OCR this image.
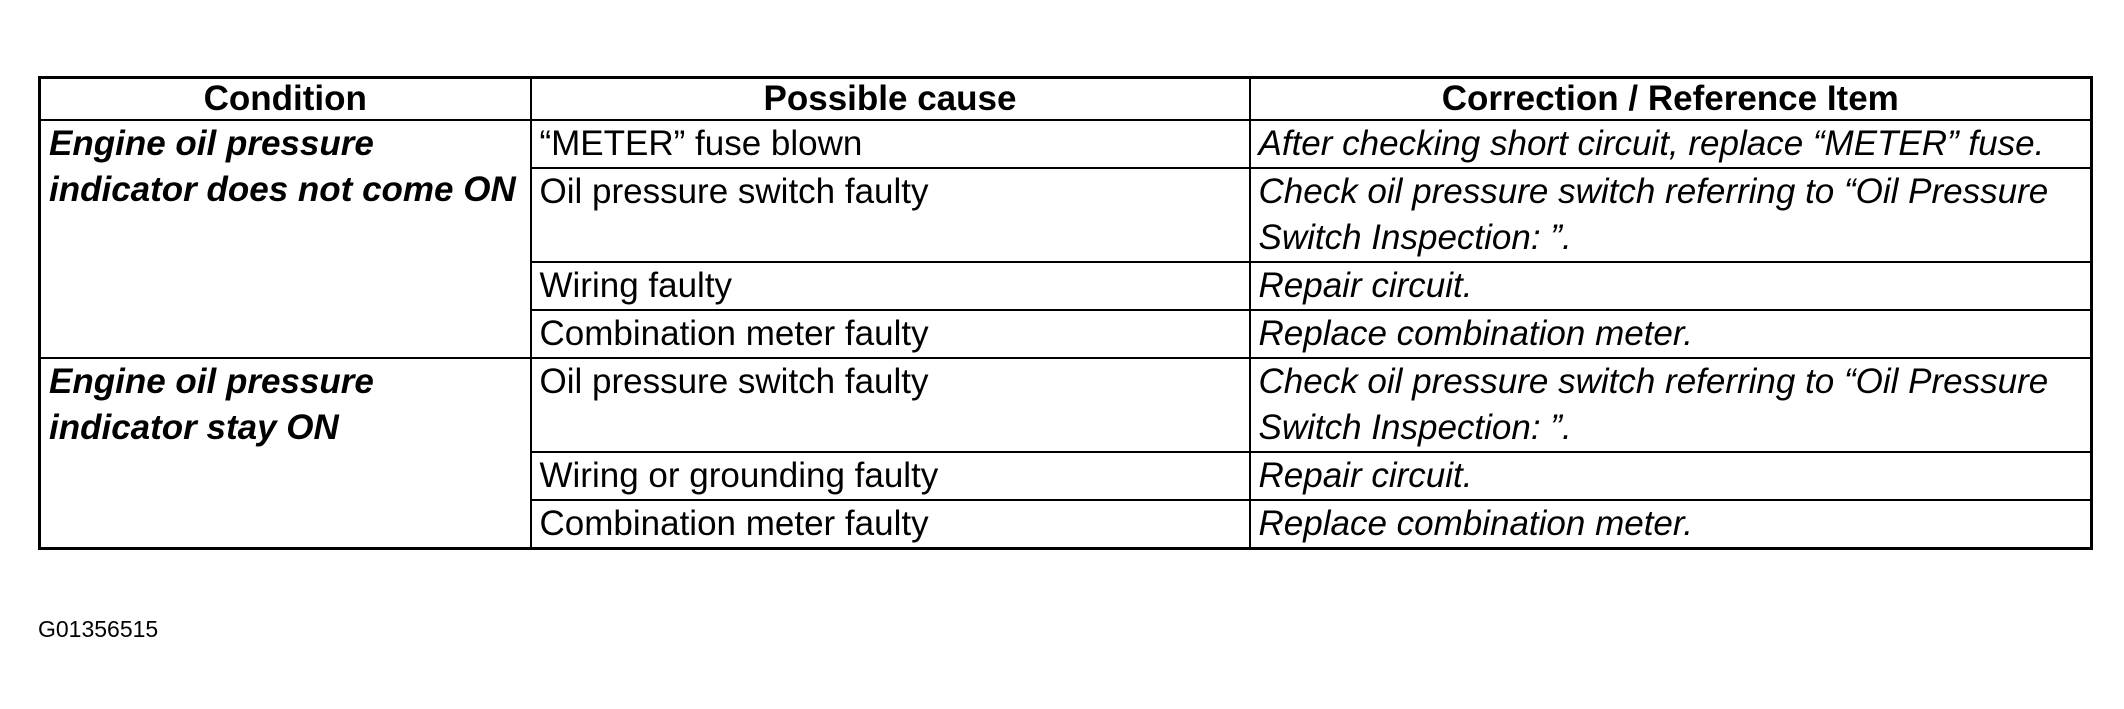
Condition	Possible cause	Correction / Reference Item
Engine oil pressure indicator does not come ON	“METER” fuse blown	After checking short circuit, replace “METER” fuse.
	Oil pressure switch faulty	Check oil pressure switch referring to “Oil Pressure Switch Inspection: ”.
	Wiring faulty	Repair circuit.
	Combination meter faulty	Replace combination meter.
Engine oil pressure indicator stay ON	Oil pressure switch faulty	Check oil pressure switch referring to “Oil Pressure Switch Inspection: ”.
	Wiring or grounding faulty	Repair circuit.
	Combination meter faulty	Replace combination meter.
G01356515
